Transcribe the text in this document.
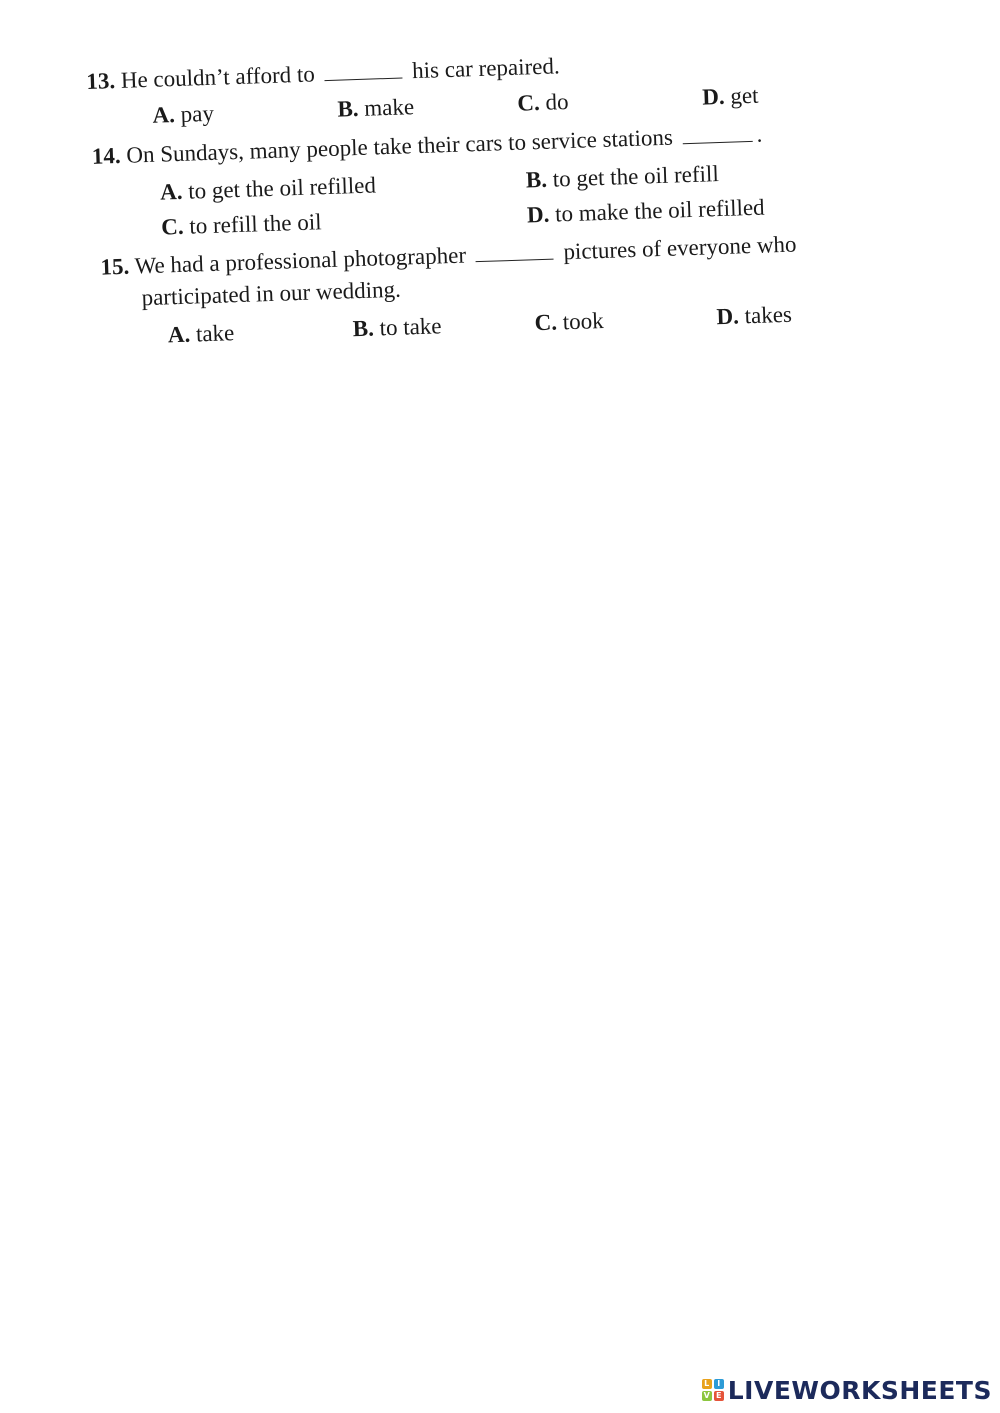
13. He couldn’t afford to	his car repaired.
A. pay	B. make	C. do	D. get
14. On Sundays, many people take their cars to service stations	.
A. to get the oil refilled	B. to get the oil refill
C. to refill the oil	D. to make the oil refilled
15. We had a professional photographer	pictures of everyone who
participated in our wedding.
A. take	B. to take	C. took	D. takes
L I
V E LIVEWORKSHEETS
